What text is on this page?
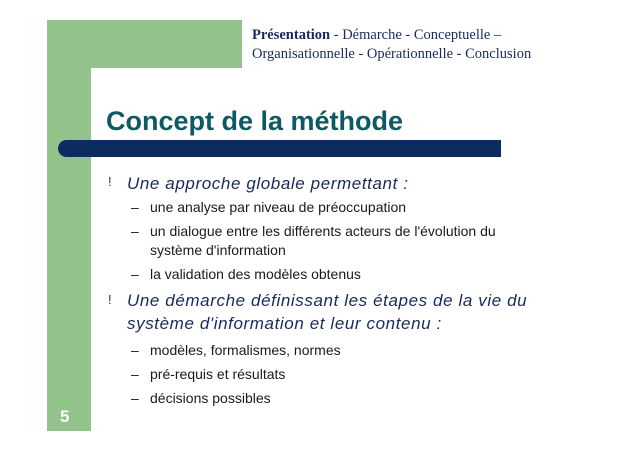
Présentation - Démarche - Conceptuelle – Organisationnelle - Opérationnelle - Conclusion
Concept de la méthode
! Une approche globale permettant :
– une analyse par niveau de préoccupation
– un dialogue entre les différents acteurs de l'évolution du système d'information
– la validation des modèles obtenus
! Une démarche définissant les étapes de la vie du système d'information et leur contenu :
– modèles, formalismes, normes
– pré-requis et résultats
– décisions possibles
5
